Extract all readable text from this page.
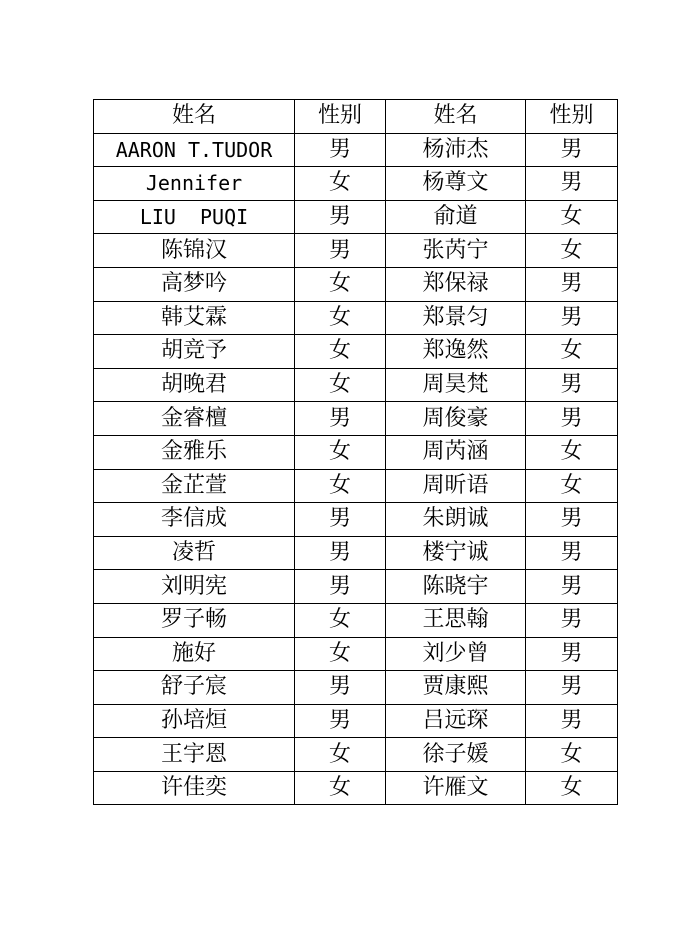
姓名	性别	姓名	性别
AARON T.TUDOR	男	杨沛杰	男
Jennifer	女	杨尊文	男
LIU  PUQI	男	俞道	女
陈锦汉	男	张芮宁	女
高梦吟	女	郑保禄	男
韩艾霖	女	郑景匀	男
胡竞予	女	郑逸然	女
胡晚君	女	周昊梵	男
金睿檀	男	周俊豪	男
金雅乐	女	周芮涵	女
金芷萱	女	周昕语	女
李信成	男	朱朗诚	男
凌哲	男	楼宁诚	男
刘明宪	男	陈晓宇	男
罗子畅	女	王思翰	男
施好	女	刘少曾	男
舒子宸	男	贾康熙	男
孙培烜	男	吕远琛	男
王宇恩	女	徐子媛	女
许佳奕	女	许雁文	女
